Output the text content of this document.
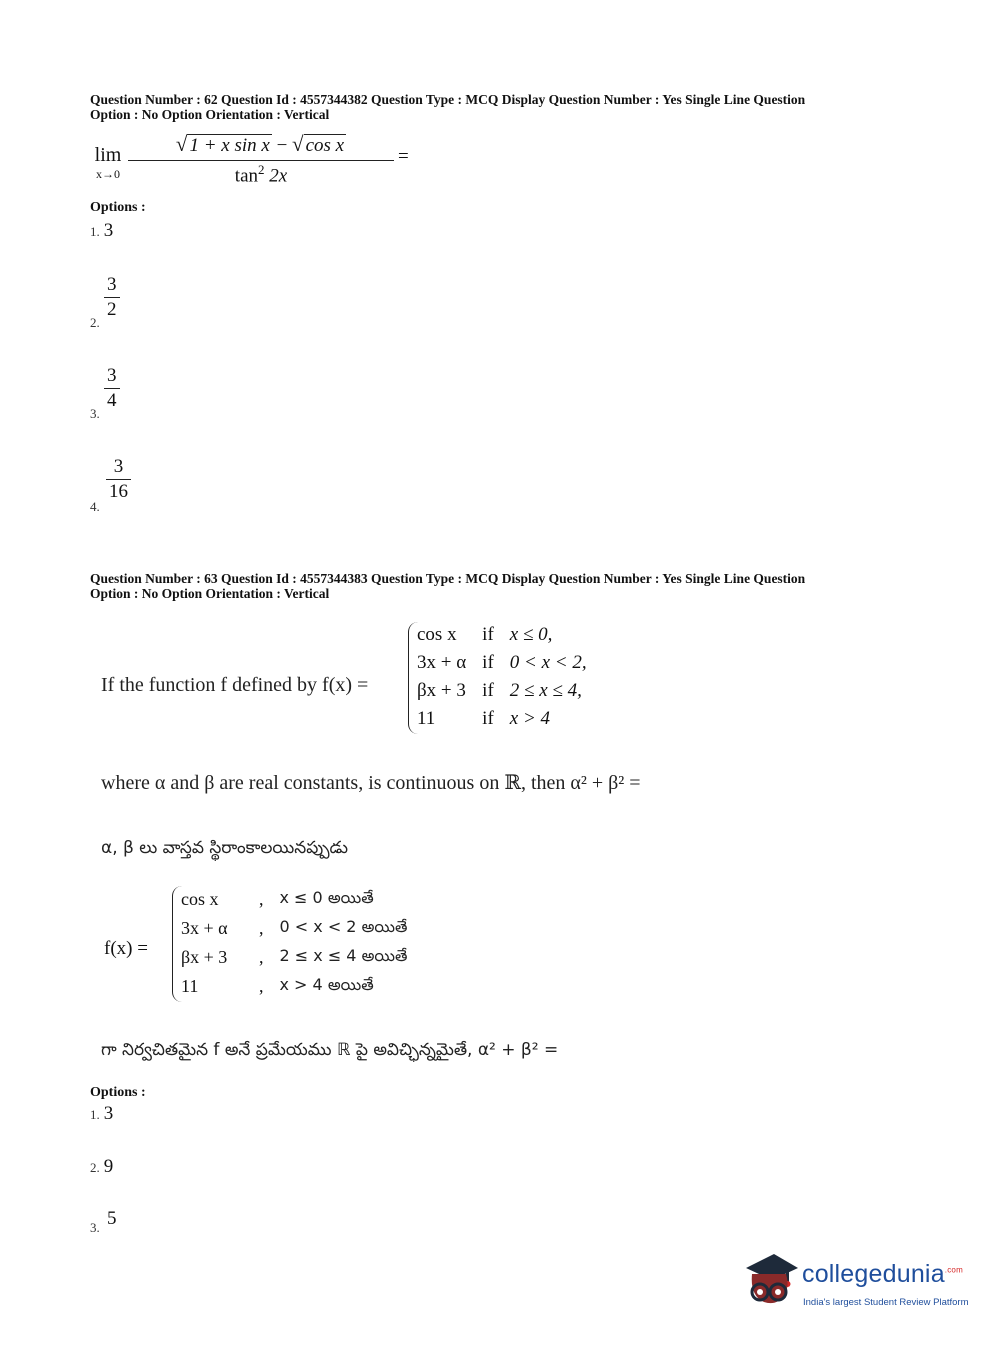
Question Number : 62 Question Id : 4557344382 Question Type : MCQ Display Question Number : Yes Single Line Question
Option : No Option Orientation : Vertical
lim
x→0
√ 1 + x sin x − √ cos x
$\tan^2 2x$
=
Options :
1. 3
2.
$\frac{3}{2}$
3.
$\frac{3}{4}$
4.
$\frac{3}{16}$
Question Number : 63 Question Id : 4557344383 Question Type : MCQ Display Question Number : Yes Single Line Question
Option : No Option Orientation : Vertical
If the function f defined by f(x) =
cos x	if	x ≤ 0,
3x + α	if	0 < x < 2,
βx + 3	if	2 ≤ x ≤ 4,
11	if	x > 4
where α and β are real constants, is continuous on ℝ, then α² + β² =
α, β లు వాస్తవ స్థిరాంకాలయినప్పుడు
f(x) =
cos x	,	x ≤ 0 అయితే
3x + α	,	0 < x < 2 అయితే
βx + 3	,	2 ≤ x ≤ 4 అయితే
11	,	x > 4 అయితే
గా నిర్వచితమైన f అనే ప్రమేయము ℝ పై అవిచ్ఛిన్నమైతే, α² + β² =
Options :
1. 3
2. 9
3. 5
collegedunia$^{.com}$
India's largest Student Review Platform
